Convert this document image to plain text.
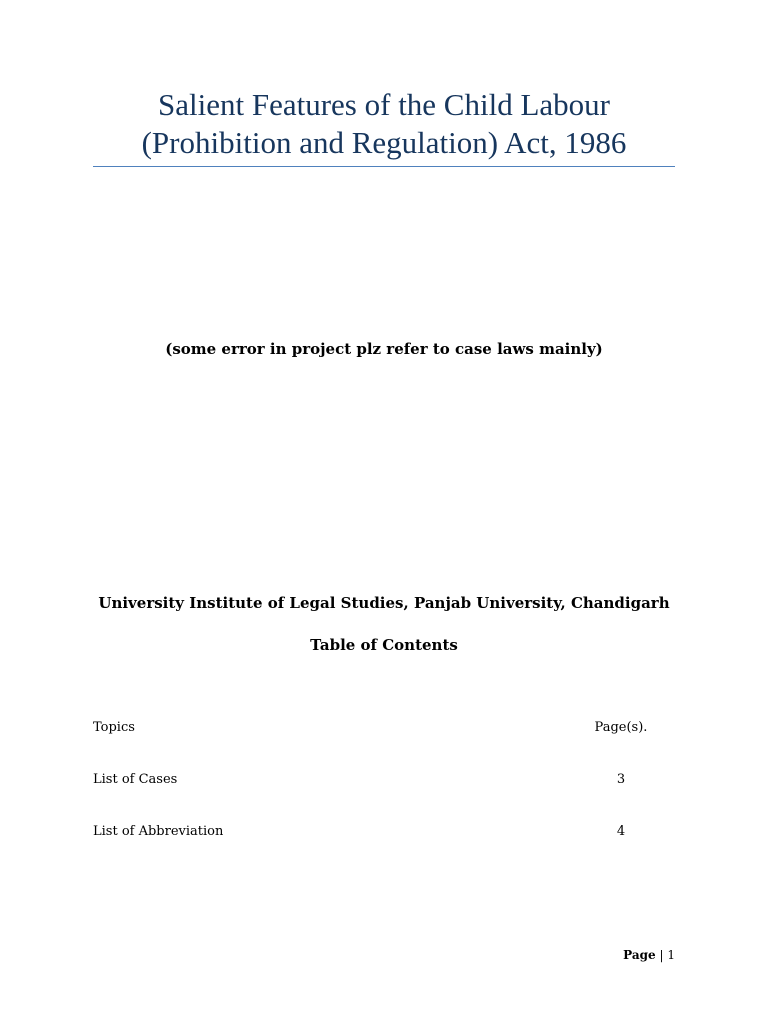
Salient Features of the Child Labour
(Prohibition and Regulation) Act, 1986
(some error in project plz refer to case laws mainly)
University Institute of Legal Studies, Panjab University, Chandigarh
Table of Contents
Topics	Page(s).
List of Cases	3
List of Abbreviation	4
Page | 1
